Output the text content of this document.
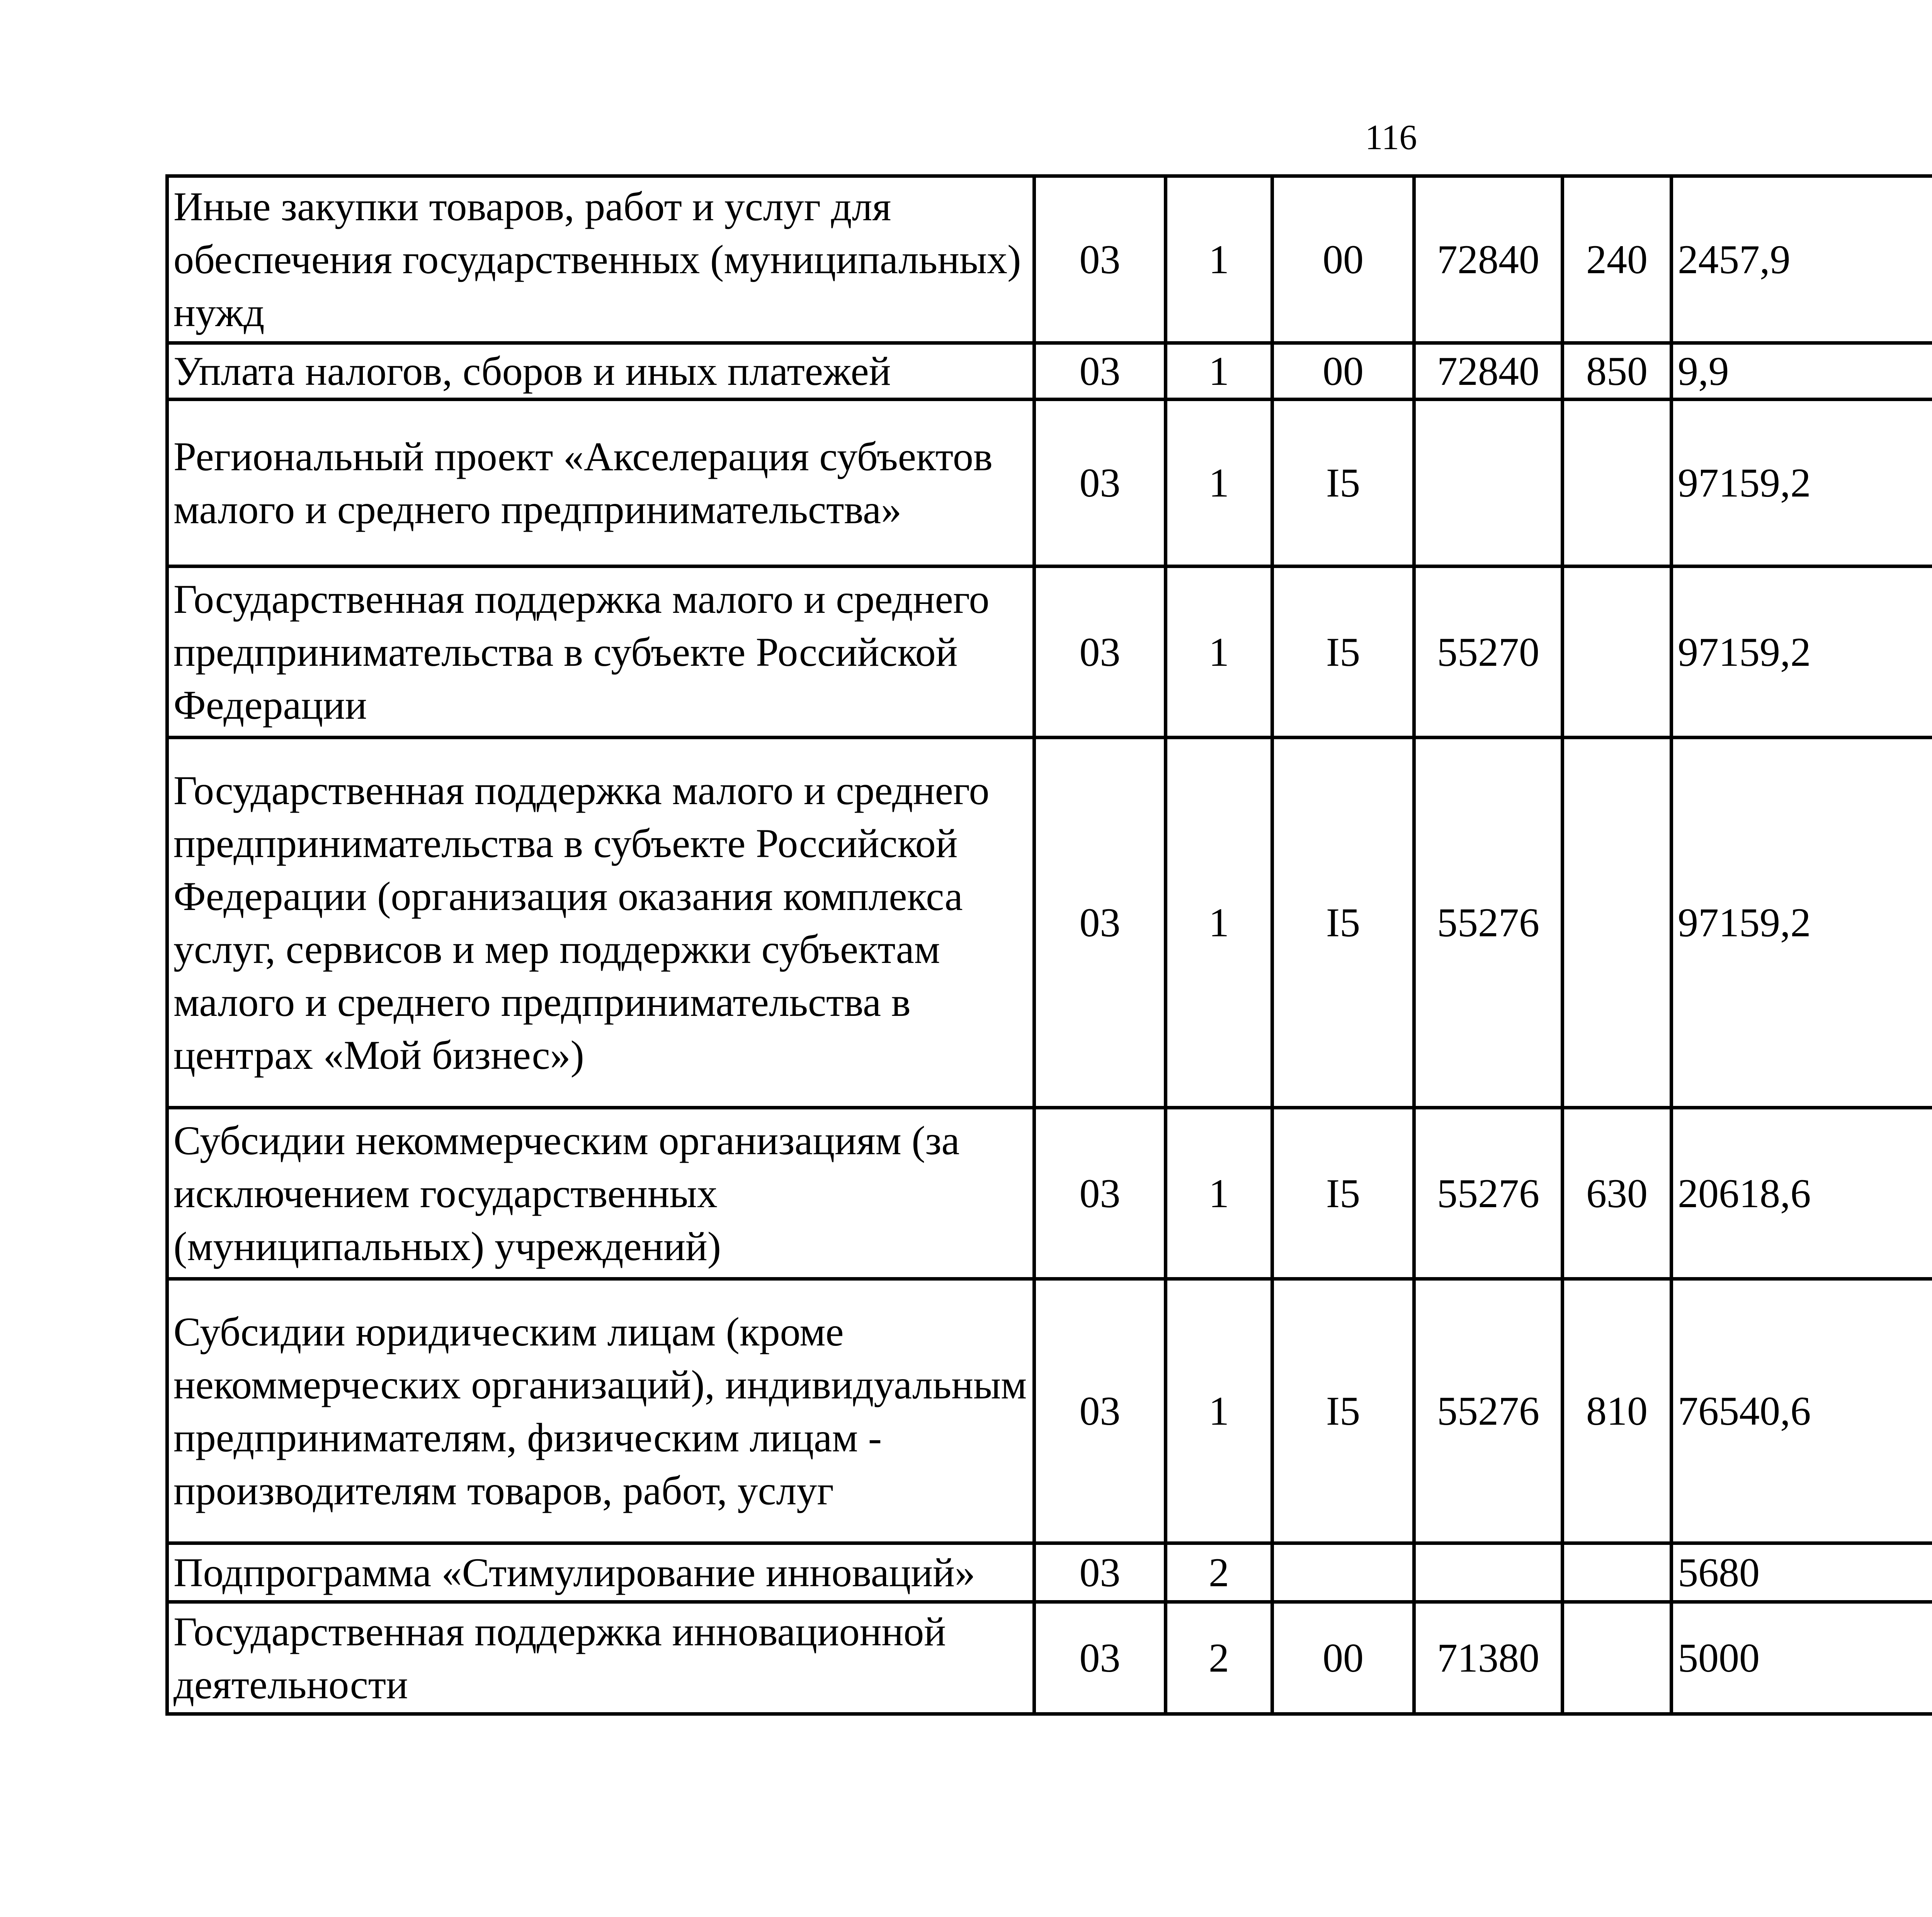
116
Иные закупки товаров, работ и услуг для обеспечения государственных (муниципальных) нужд	03	1	00	72840	240	2457,9		
Уплата налогов, сборов и иных платежей	03	1	00	72840	850	9,9		
Региональный проект «Акселерация субъектов малого и среднего предпринимательства»	03	1	I5			97159,2		
Государственная поддержка малого и среднего предпринимательства в субъекте Российской Федерации	03	1	I5	55270		97159,2		
Государственная поддержка малого и среднего предпринимательства в субъекте Российской Федерации (организация оказания комплекса услуг, сервисов и мер поддержки субъектам малого и среднего предпринимательства в центрах «Мой бизнес»)	03	1	I5	55276		97159,2		
Субсидии некоммерческим организациям (за исключением государственных (муниципальных) учреждений)	03	1	I5	55276	630	20618,6		
Субсидии юридическим лицам (кроме некоммерческих организаций), индивидуальным предпринимателям, физическим лицам - производителям товаров, работ, услуг	03	1	I5	55276	810	76540,6		
Подпрограмма «Стимулирование инноваций»	03	2				5680		
Государственная поддержка инновационной деятельности	03	2	00	71380		5000		
